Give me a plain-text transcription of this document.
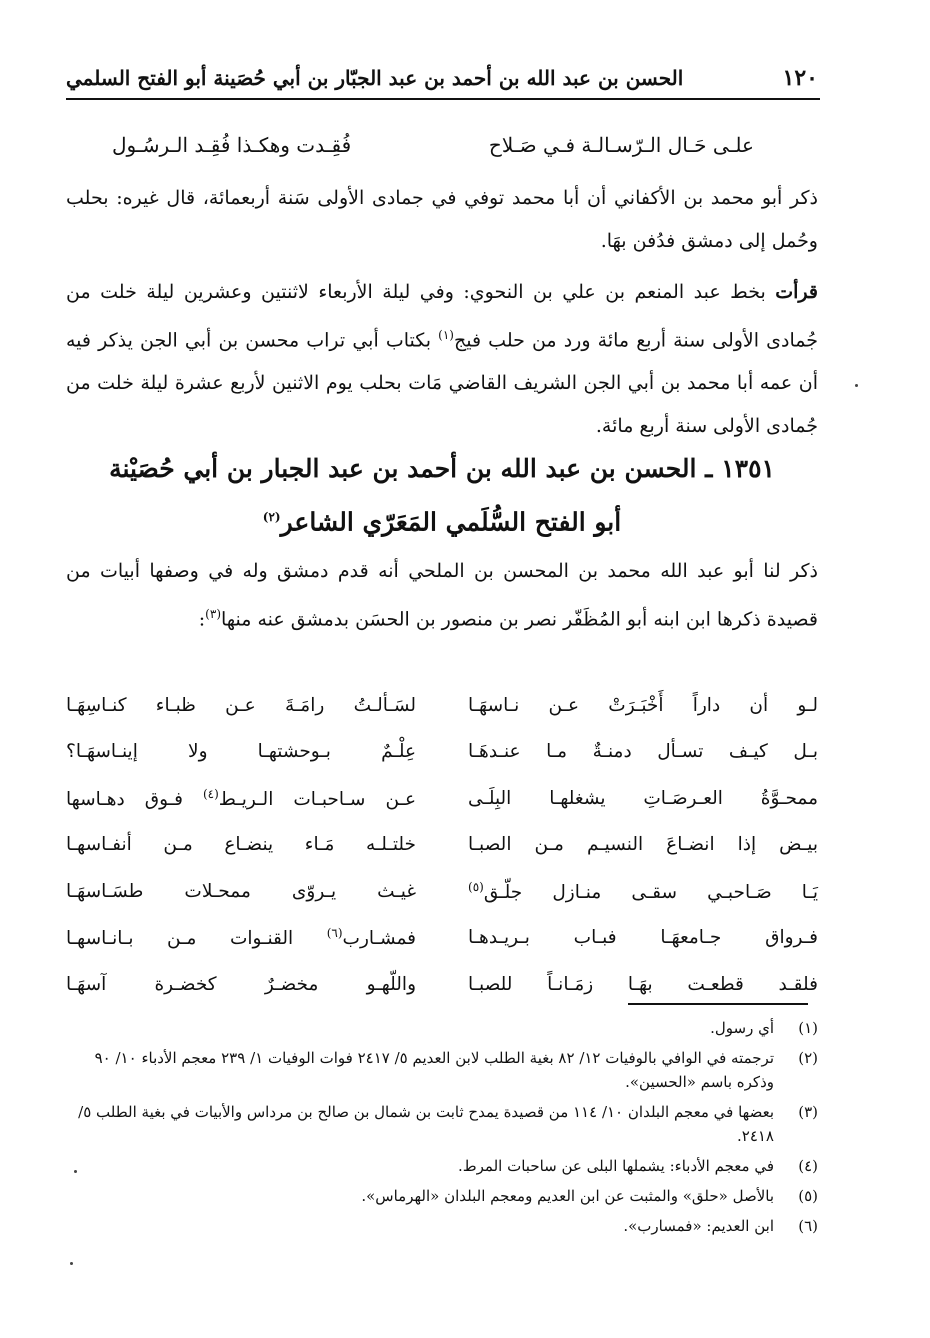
١٢٠
الحسن بن عبد الله بن أحمد بن عبد الجبّار بن أبي حُصَينة أبو الفتح السلمي
علـى حَـال الـرّسـالـة فـي صَـلاح
فُقِـدت وهكـذا فُقِـد الـرسُـول
ذكر أبو محمد بن الأكفاني أن أبا محمد توفي في جمادى الأولى سَنة أربعمائة، قال غيره: بحلب وحُمل إلى دمشق فدُفن بهَا.
قرأت بخط عبد المنعم بن علي بن النحوي: وفي ليلة الأربعاء لاثنتين وعشرين ليلة خلت من جُمادى الأولى سنة أربع مائة ورد من حلب فيج$^{(١)}$ بكتاب أبي تراب محسن بن أبي الجن يذكر فيه أن عمه أبا محمد بن أبي الجن الشريف القاضي مَات بحلب يوم الاثنين لأربع عشرة ليلة خلت من جُمادى الأولى سنة أربع مائة.
١٣٥١ ـ الحسن بن عبد الله بن أحمد بن عبد الجبار بن أبي حُصَيْنة
أبو الفتح السُّلَمي المَعَرّي الشاعر$^{(٢)}$
ذكر لنا أبو عبد الله محمد بن المحسن بن الملحي أنه قدم دمشق وله في وصفها أبيات من قصيدة ذكرها ابن ابنه أبو المُظَفّر نصر بن منصور بن الحسَن بدمشق عنه منها$^{(٣)}$:
لـو أن داراً أَخْبَـرَتْ عـن نـاسهَـا
لسَـألـتُ رامَـةَ عـن ظبـاء كنـاسِهَـا
بـل كيـف تسـأل دمنـةٌ مـا عنـدهَـا
عِلْـمٌ بـوحشتهـا ولا إينـاسهَـا؟
ممحـوَّةُ العـرصَـاتِ يشغلهـا البِلَـى
عـن سـاحبـات الـريـط$^{(٤)}$ فـوق دهـاسها
بيـض إذا انضـاعَ النسيـم مـن الصبـا
خلتـلـه مَـاء ينضـاع مـن أنفـاسهـا
يَـا صَـاحبـي سقـى منـازل جلّـق$^{(٥)}$
غيـث يـروّى ممحـلات طسَـاسهَـا
فـرواق جـامعهَـا فبـاب بـريـدهـا
فمشـارب$^{(٦)}$ القنـوات مـن بـانـاسهـا
فلقـد قطعـت بهَـا زمَـانـاً للصبـا
واللّهـو مخضـرٌ كخضـرة آسهَـا
(١)
أي رسول.
(٢)
ترجمته في الوافي بالوفيات ١٢/ ٨٢ بغية الطلب لابن العديم ٥/ ٢٤١٧ فوات الوفيات ١/ ٢٣٩ معجم الأدباء ١٠/ ٩٠ وذكره باسم «الحسين».
(٣)
بعضها في معجم البلدان ١٠/ ١١٤ من قصيدة يمدح ثابت بن شمال بن صالح بن مرداس والأبيات في بغية الطلب ٥/ ٢٤١٨.
(٤)
في معجم الأدباء: يشملها البلى عن ساحبات المرط.
(٥)
بالأصل «حلق» والمثبت عن ابن العديم ومعجم البلدان «الهرماس».
(٦)
ابن العديم: «فمسارب».
